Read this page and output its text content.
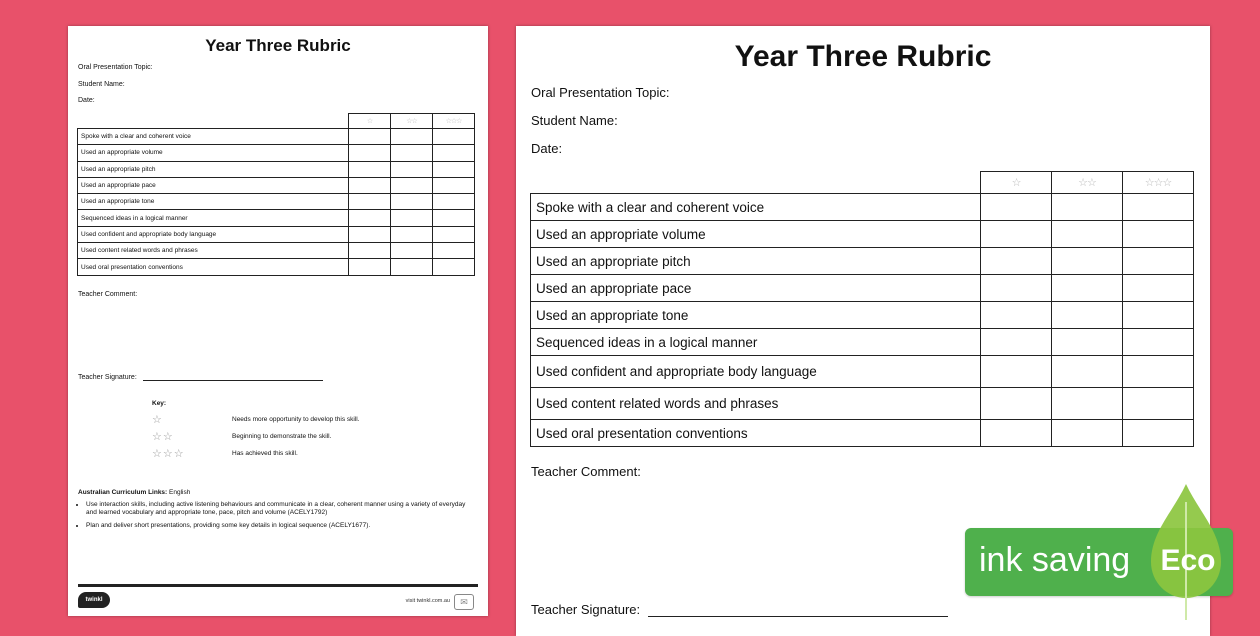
Year Three Rubric
Oral Presentation Topic:
Student Name:
Date:
	☆	☆☆	☆☆☆
Spoke with a clear and coherent voice			
Used an appropriate volume			
Used an appropriate pitch			
Used an appropriate pace			
Used an appropriate tone			
Sequenced ideas in a logical manner			
Used confident and appropriate body language			
Used content related words and phrases			
Used oral presentation conventions			
Teacher Comment:
Teacher Signature:
Key:
☆	Needs more opportunity to develop this skill.
☆☆	Beginning to demonstrate the skill.
☆☆☆	Has achieved this skill.
Australian Curriculum Links: English
• Use interaction skills, including active listening behaviours and communicate in a clear, coherent manner using a variety of everyday and learned vocabulary and appropriate tone, pace, pitch and volume (ACELY1792)
• Plan and deliver short presentations, providing some key details in logical sequence (ACELY1677).
twinkl	visit twinkl.com.au	✉
Year Three Rubric
Oral Presentation Topic:
Student Name:
Date:
	☆	☆☆	☆☆☆
Spoke with a clear and coherent voice			
Used an appropriate volume			
Used an appropriate pitch			
Used an appropriate pace			
Used an appropriate tone			
Sequenced ideas in a logical manner			
Used confident and appropriate body language			
Used content related words and phrases			
Used oral presentation conventions			
Teacher Comment:
Teacher Signature:
ink saving Eco
